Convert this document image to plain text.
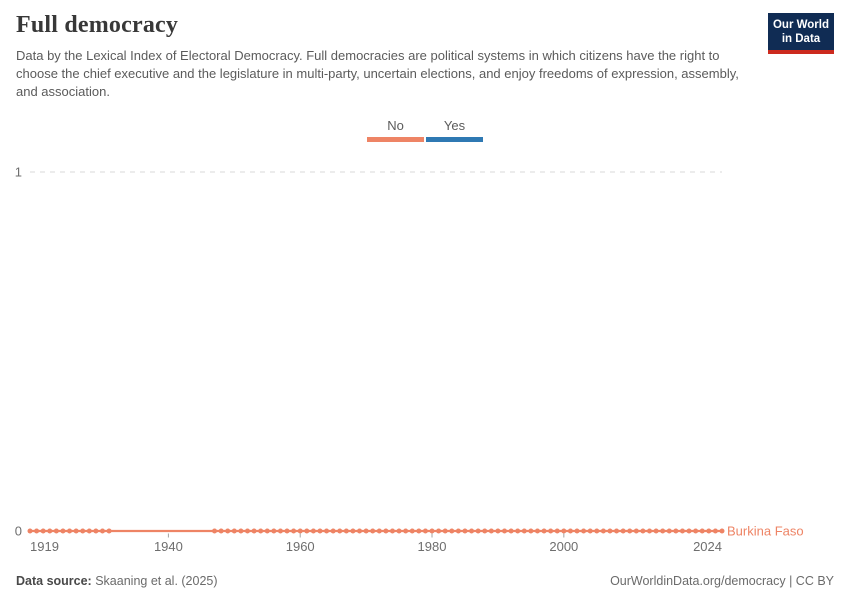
Full democracy

Data by the Lexical Index of Electoral Democracy. Full democracies are political systems in which citizens have the right to choose the chief executive and the legislature in multi-party, uncertain elections, and enjoy freedoms of expression, assembly, and association.

Our World
in Data
No	Yes
0
1
1919	1940	1960	1980	2000	2024
Burkina Faso
Data source: Skaaning et al. (2025)	OurWorldinData.org/democracy | CC BY
